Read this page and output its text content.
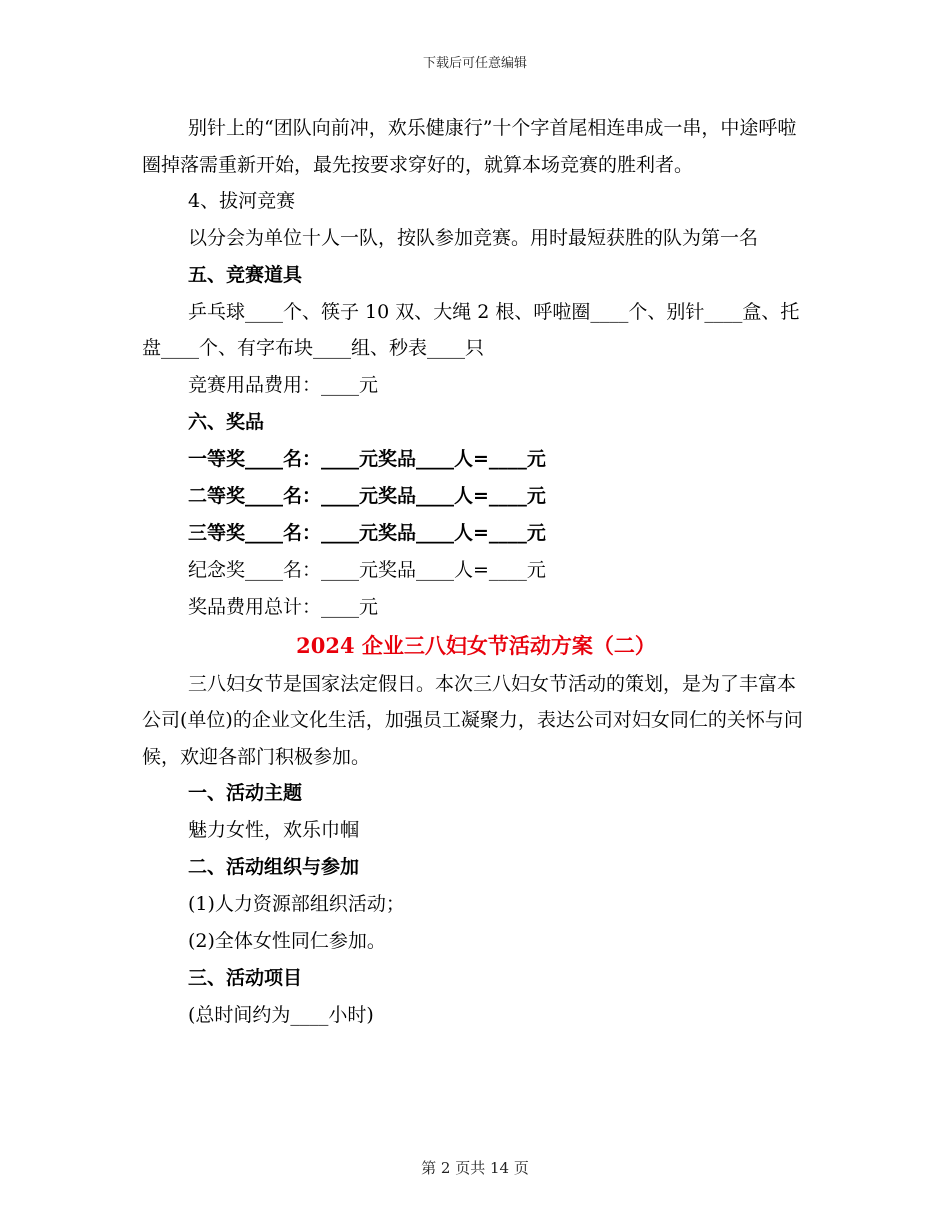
下载后可任意编辑

别针上的“团队向前冲，欢乐健康行”十个字首尾相连串成一串，中途呼啦圈掉落需重新开始，最先按要求穿好的，就算本场竞赛的胜利者。

4、拔河竞赛

以分会为单位十人一队，按队参加竞赛。用时最短获胜的队为第一名

五、竞赛道具

乒乓球____个、筷子 10 双、大绳 2 根、呼啦圈____个、别针____盒、托盘____个、有字布块____组、秒表____只

竞赛用品费用：____元

六、奖品

一等奖____名：____元奖品____人=____元

二等奖____名：____元奖品____人=____元

三等奖____名：____元奖品____人=____元

纪念奖____名：____元奖品____人=____元

奖品费用总计：____元

2024 企业三八妇女节活动方案（二）

三八妇女节是国家法定假日。本次三八妇女节活动的策划，是为了丰富本公司(单位)的企业文化生活，加强员工凝聚力，表达公司对妇女同仁的关怀与问候，欢迎各部门积极参加。

一、活动主题

魅力女性，欢乐巾帼

二、活动组织与参加

(1)人力资源部组织活动；

(2)全体女性同仁参加。

三、活动项目

(总时间约为____小时)

第 2 页共 14 页
